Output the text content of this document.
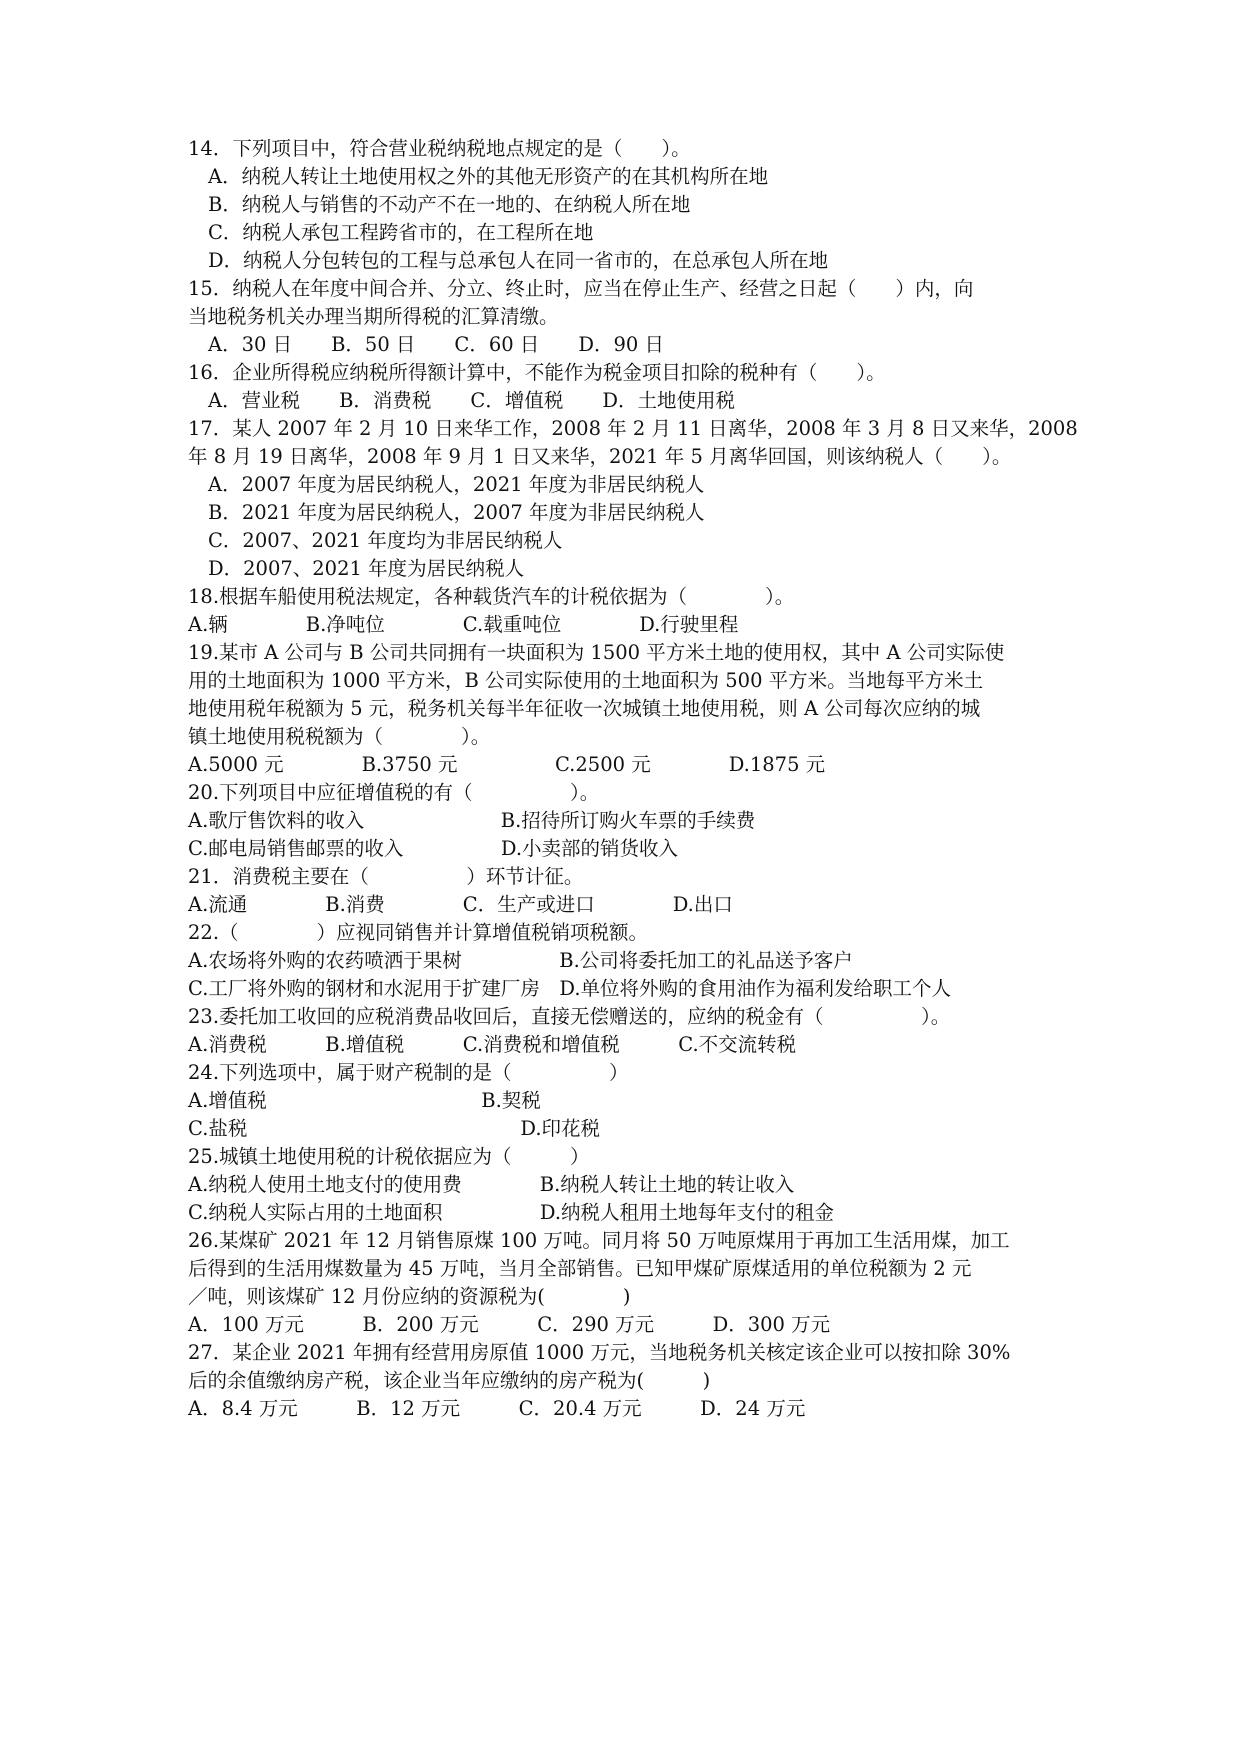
14．下列项目中，符合营业税纳税地点规定的是（　　）。
A．纳税人转让土地使用权之外的其他无形资产的在其机构所在地
B．纳税人与销售的不动产不在一地的、在纳税人所在地
C．纳税人承包工程跨省市的，在工程所在地
D．纳税人分包转包的工程与总承包人在同一省市的，在总承包人所在地
15．纳税人在年度中间合并、分立、终止时，应当在停止生产、经营之日起（　　）内，向
当地税务机关办理当期所得税的汇算清缴。
A．30 日　　B．50 日　　C．60 日　　D．90 日
16．企业所得税应纳税所得额计算中，不能作为税金项目扣除的税种有（　　）。
A．营业税　　B．消费税　　C．增值税　　D．土地使用税
17．某人 2007 年 2 月 10 日来华工作，2008 年 2 月 11 日离华，2008 年 3 月 8 日又来华，2008
年 8 月 19 日离华，2008 年 9 月 1 日又来华，2021 年 5 月离华回国，则该纳税人（　　）。
A．2007 年度为居民纳税人，2021 年度为非居民纳税人
B．2021 年度为居民纳税人，2007 年度为非居民纳税人
C．2007、2021 年度均为非居民纳税人
D．2007、2021 年度为居民纳税人
18.根据车船使用税法规定，各种载货汽车的计税依据为（　　　　）。
A.辆　　　　B.净吨位　　　　C.载重吨位　　　　D.行驶里程
19.某市 A 公司与 B 公司共同拥有一块面积为 1500 平方米土地的使用权，其中 A 公司实际使
用的土地面积为 1000 平方米，B 公司实际使用的土地面积为 500 平方米。当地每平方米土
地使用税年税额为 5 元，税务机关每半年征收一次城镇土地使用税，则 A 公司每次应纳的城
镇土地使用税税额为（　　　　）。
A.5000 元　　　　B.3750 元　　　　　C.2500 元　　　　D.1875 元
20.下列项目中应征增值税的有（　　　　　）。
A.歌厅售饮料的收入　　　　　　　B.招待所订购火车票的手续费
C.邮电局销售邮票的收入　　　　　D.小卖部的销货收入
21．消费税主要在（　　　　　）环节计征。
A.流通　　　　B.消费　　　　C．生产或进口　　　　D.出口
22.（　　　　）应视同销售并计算增值税销项税额。
A.农场将外购的农药喷洒于果树　　　　　B.公司将委托加工的礼品送予客户
C.工厂将外购的钢材和水泥用于扩建厂房　D.单位将外购的食用油作为福利发给职工个人
23.委托加工收回的应税消费品收回后，直接无偿赠送的，应纳的税金有（　　　　　）。
A.消费税　　　B.增值税　　　C.消费税和增值税　　　C.不交流转税
24.下列选项中，属于财产税制的是（　　　　　）
A.增值税　　　　　　　　　　　B.契税
C.盐税　　　　　　　　　　　　　　D.印花税
25.城镇土地使用税的计税依据应为（　　　）
A.纳税人使用土地支付的使用费　　　　B.纳税人转让土地的转让收入
C.纳税人实际占用的土地面积　　　　　D.纳税人租用土地每年支付的租金
26.某煤矿 2021 年 12 月销售原煤 100 万吨。同月将 50 万吨原煤用于再加工生活用煤，加工
后得到的生活用煤数量为 45 万吨，当月全部销售。已知甲煤矿原煤适用的单位税额为 2 元
／吨，则该煤矿 12 月份应纳的资源税为(　　　　)
A．100 万元　　　B．200 万元　　　C．290 万元　　　D．300 万元
27．某企业 2021 年拥有经营用房原值 1000 万元，当地税务机关核定该企业可以按扣除 30%
后的余值缴纳房产税，该企业当年应缴纳的房产税为(　　　)
A．8.4 万元　　　B．12 万元　　　C．20.4 万元　　　D．24 万元
